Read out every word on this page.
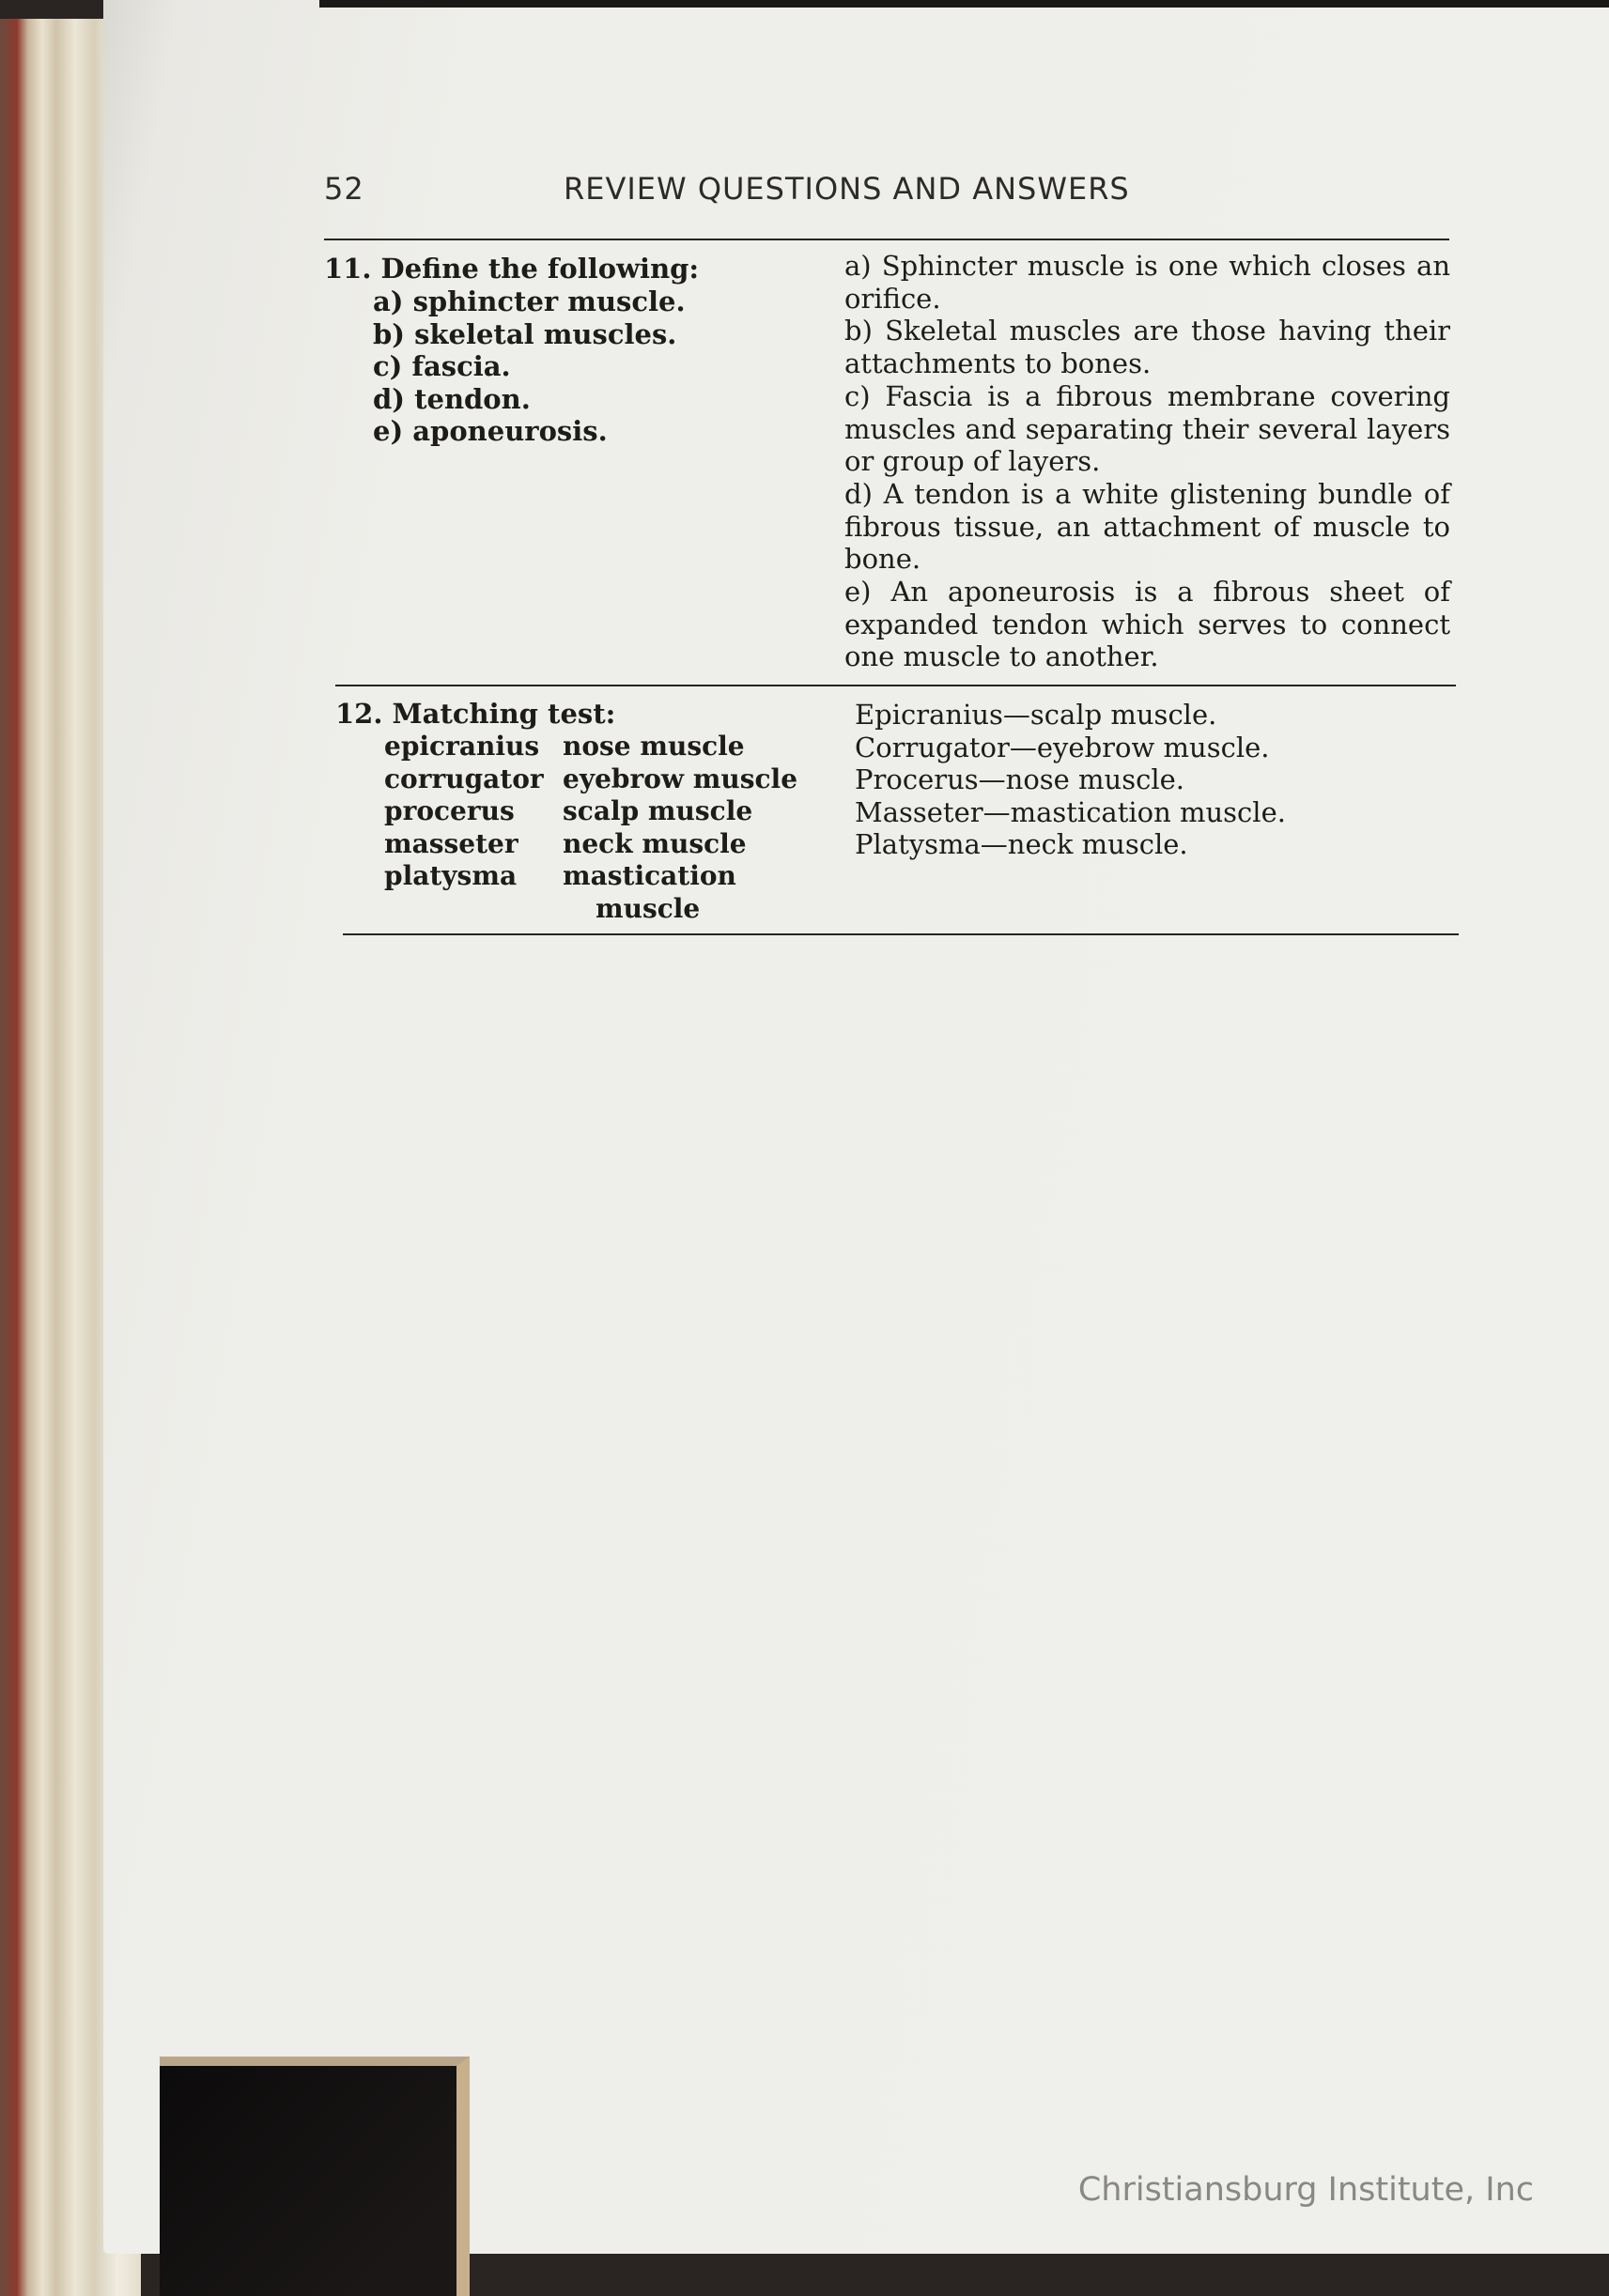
52	REVIEW QUESTIONS AND ANSWERS
11. Define the following:
a) sphincter muscle.
b) skeletal muscles.
c) fascia.
d) tendon.
e) aponeurosis.

a) Sphincter muscle is one which closes an orifice.

b) Skeletal muscles are those having their attachments to bones.

c) Fascia is a fibrous membrane covering muscles and separating their several layers or group of layers.

d) A tendon is a white glistening bundle of fibrous tissue, an attachment of muscle to bone.

e) An aponeurosis is a fibrous sheet of expanded tendon which serves to connect one muscle to another.

12. Matching test:
epicranius nose muscle
corrugator eyebrow muscle
procerus	scalp muscle
masseter	neck muscle
platysma	mastication
muscle
Epicranius—scalp muscle.
Corrugator—eyebrow muscle.
Procerus—nose muscle.
Masseter—mastication muscle.
Platysma—neck muscle.
Christiansburg Institute, Inc
